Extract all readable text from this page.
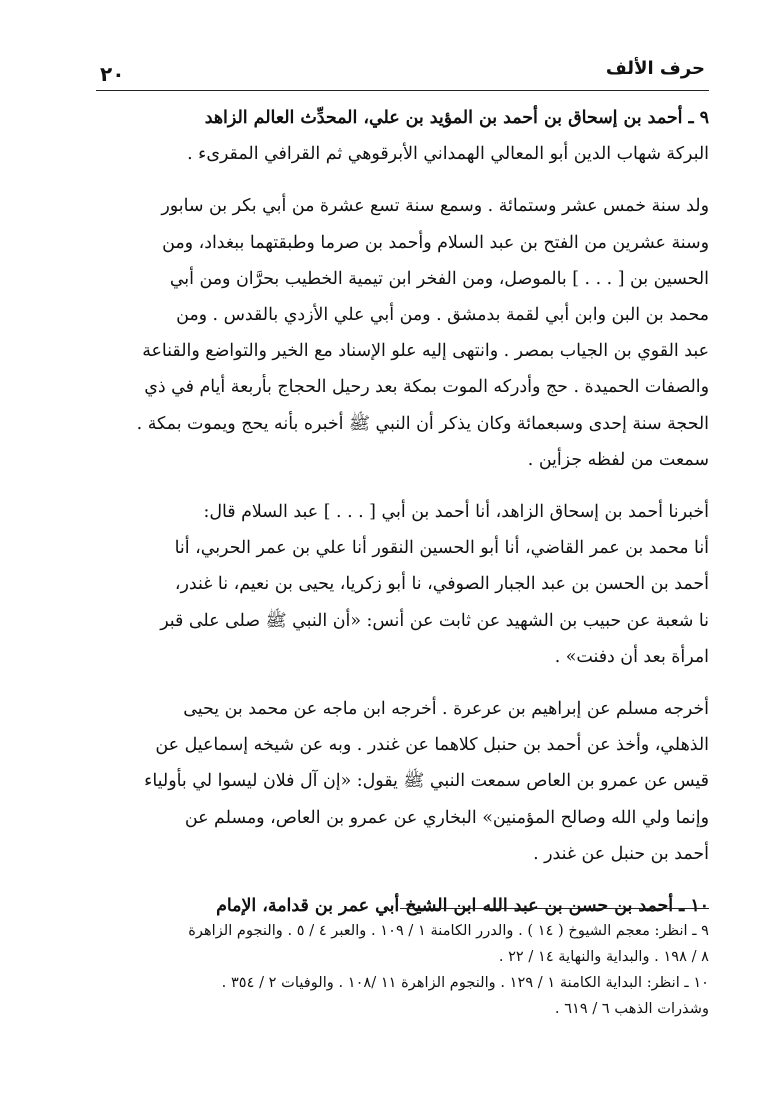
٢٠	حرف الألف

٩ ـ أحمد بن إسحاق بن أحمد بن المؤيد بن علي، المحدِّث العالم الزاهد

البركة شهاب الدين أبو المعالي الهمداني الأبرقوهي ثم القرافي المقرىء .

ولد سنة خمس عشر وستمائة . وسمع سنة تسع عشرة من أبي بكر بن سابور

وسنة عشرين من الفتح بن عبد السلام وأحمد بن صرما وطبقتهما ببغداد، ومن

الحسين بن [ . . . ] بالموصل، ومن الفخر ابن تيمية الخطيب بحرَّان ومن أبي

محمد بن البن وابن أبي لقمة بدمشق . ومن أبي علي الأزدي بالقدس . ومن

عبد القوي بن الجياب بمصر . وانتهى إليه علو الإسناد مع الخير والتواضع والقناعة

والصفات الحميدة . حج وأدركه الموت بمكة بعد رحيل الحجاج بأربعة أيام في ذي

الحجة سنة إحدى وسبعمائة وكان يذكر أن النبي ﷺ أخبره بأنه يحج ويموت بمكة .

سمعت من لفظه جزأين .

أخبرنا أحمد بن إسحاق الزاهد، أنا أحمد بن أبي [ . . . ] عبد السلام قال:

أنا محمد بن عمر القاضي، أنا أبو الحسين النقور أنا علي بن عمر الحربي، أنا

أحمد بن الحسن بن عبد الجبار الصوفي، نا أبو زكريا، يحيى بن نعيم، نا غندر،

نا شعبة عن حبيب بن الشهيد عن ثابت عن أنس: «أن النبي ﷺ صلى على قبر

امرأة بعد أن دفنت» .

أخرجه مسلم عن إبراهيم بن عرعرة . أخرجه ابن ماجه عن محمد بن يحيى

الذهلي، وأخذ عن أحمد بن حنبل كلاهما عن غندر . وبه عن شيخه إسماعيل عن

قيس عن عمرو بن العاص سمعت النبي ﷺ يقول: «إن آل فلان ليسوا لي بأولياء

وإنما ولي الله وصالح المؤمنين» البخاري عن عمرو بن العاص، ومسلم عن

أحمد بن حنبل عن غندر .

١٠ ـ أحمد بن حسن بن عبد الله ابن الشيخ أبي عمر بن قدامة، الإمام

٩ ـ انظر: معجم الشيوخ ( ١٤ ) . والدرر الكامنة ١ / ١٠٩ . والعبر ٤ / ٥ . والنجوم الزاهرة

٨ / ١٩٨ . والبداية والنهاية ١٤ / ٢٢ .

١٠ ـ انظر: البداية الكامنة ١ / ١٢٩ . والنجوم الزاهرة ١١ /١٠٨ . والوفيات ٢ / ٣٥٤ .

وشذرات الذهب ٦ / ٦١٩ .
